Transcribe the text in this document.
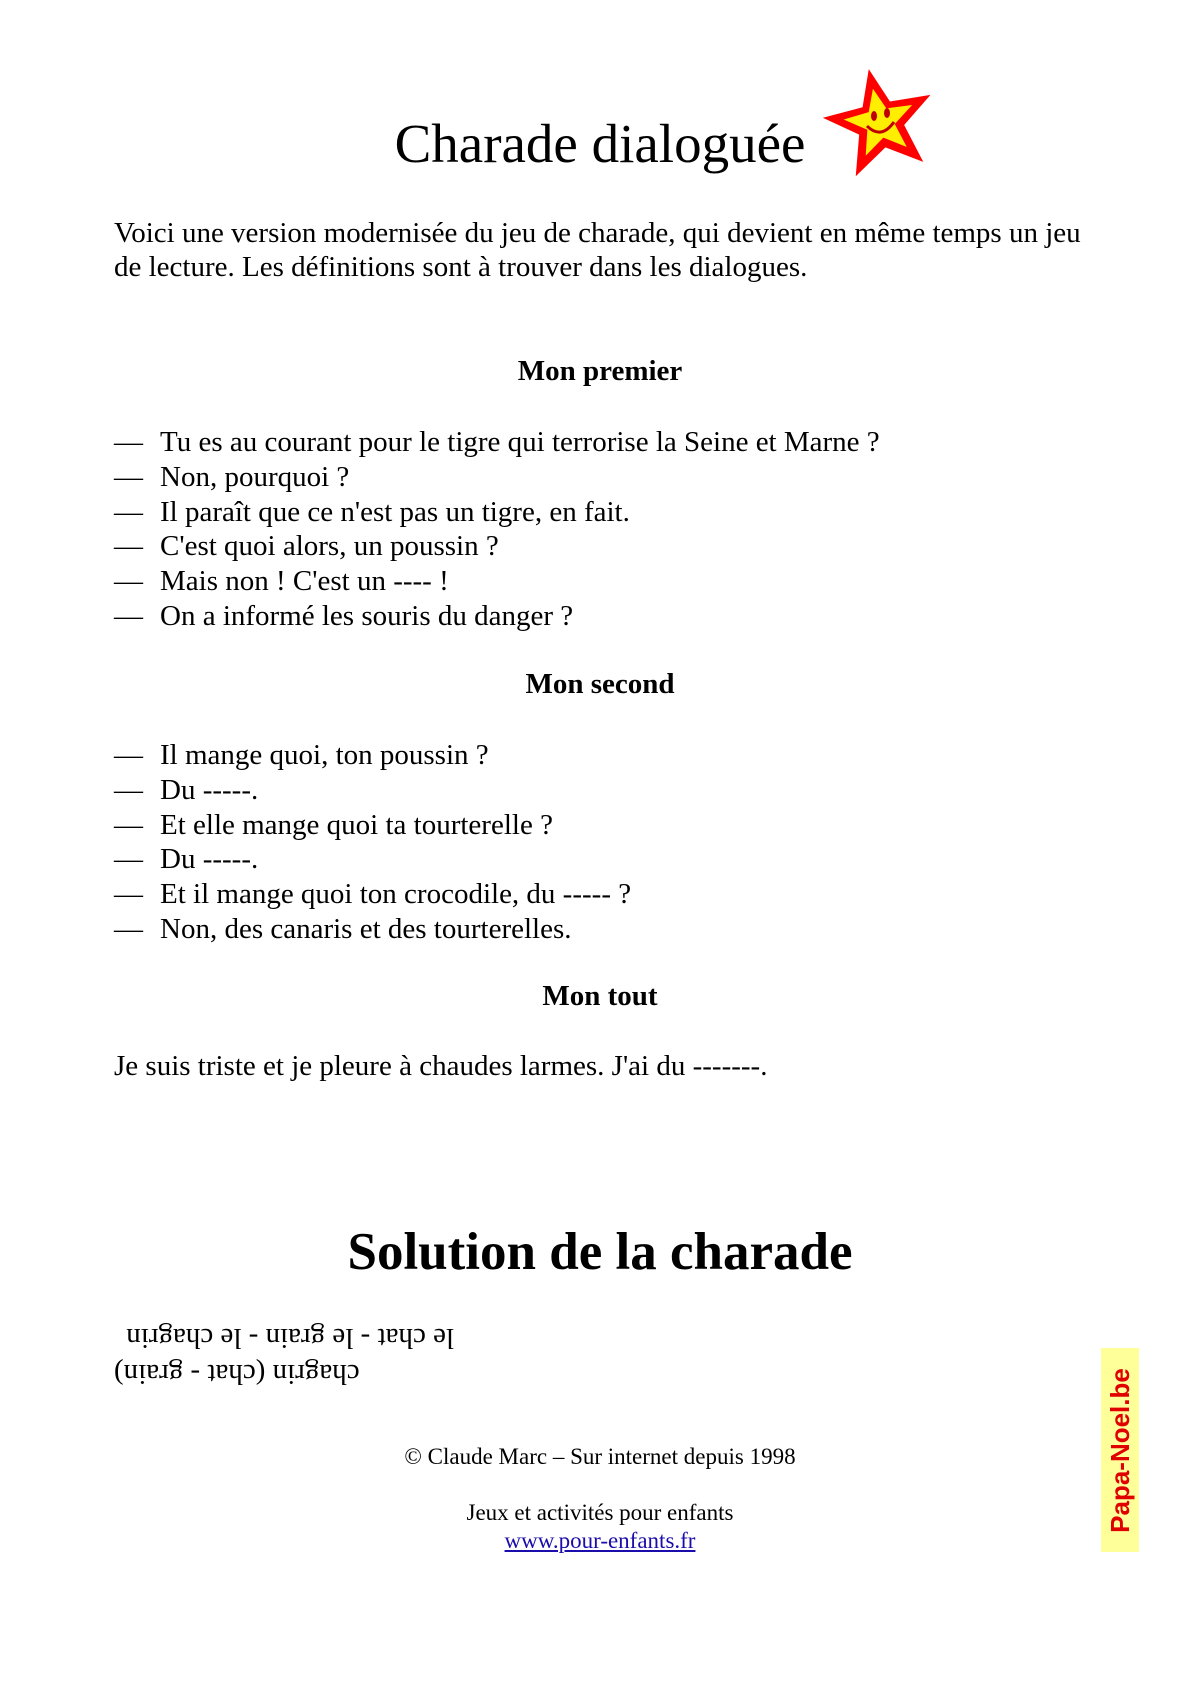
Charade dialoguée

Voici une version modernisée du jeu de charade, qui devient en même temps un jeu de lecture. Les définitions sont à trouver dans les dialogues.

Mon premier
— Tu es au courant pour le tigre qui terrorise la Seine et Marne ?
— Non, pourquoi ?
— Il paraît que ce n'est pas un tigre, en fait.
— C'est quoi alors, un poussin ?
— Mais non ! C'est un ---- !
— On a informé les souris du danger ?
Mon second
— Il mange quoi, ton poussin ?
— Du -----.
— Et elle mange quoi ta tourterelle ?
— Du -----.
— Et il mange quoi ton crocodile, du ----- ?
— Non, des canaris et des tourterelles.
Mon tout
Je suis triste et je pleure à chaudes larmes. J'ai du -------.
Solution de la charade
chagrin (chat - grain)
le chat - le grain - le chagrin
© Claude Marc – Sur internet depuis 1998
Jeux et activités pour enfants
www.pour-enfants.fr
Papa-Noel.be
